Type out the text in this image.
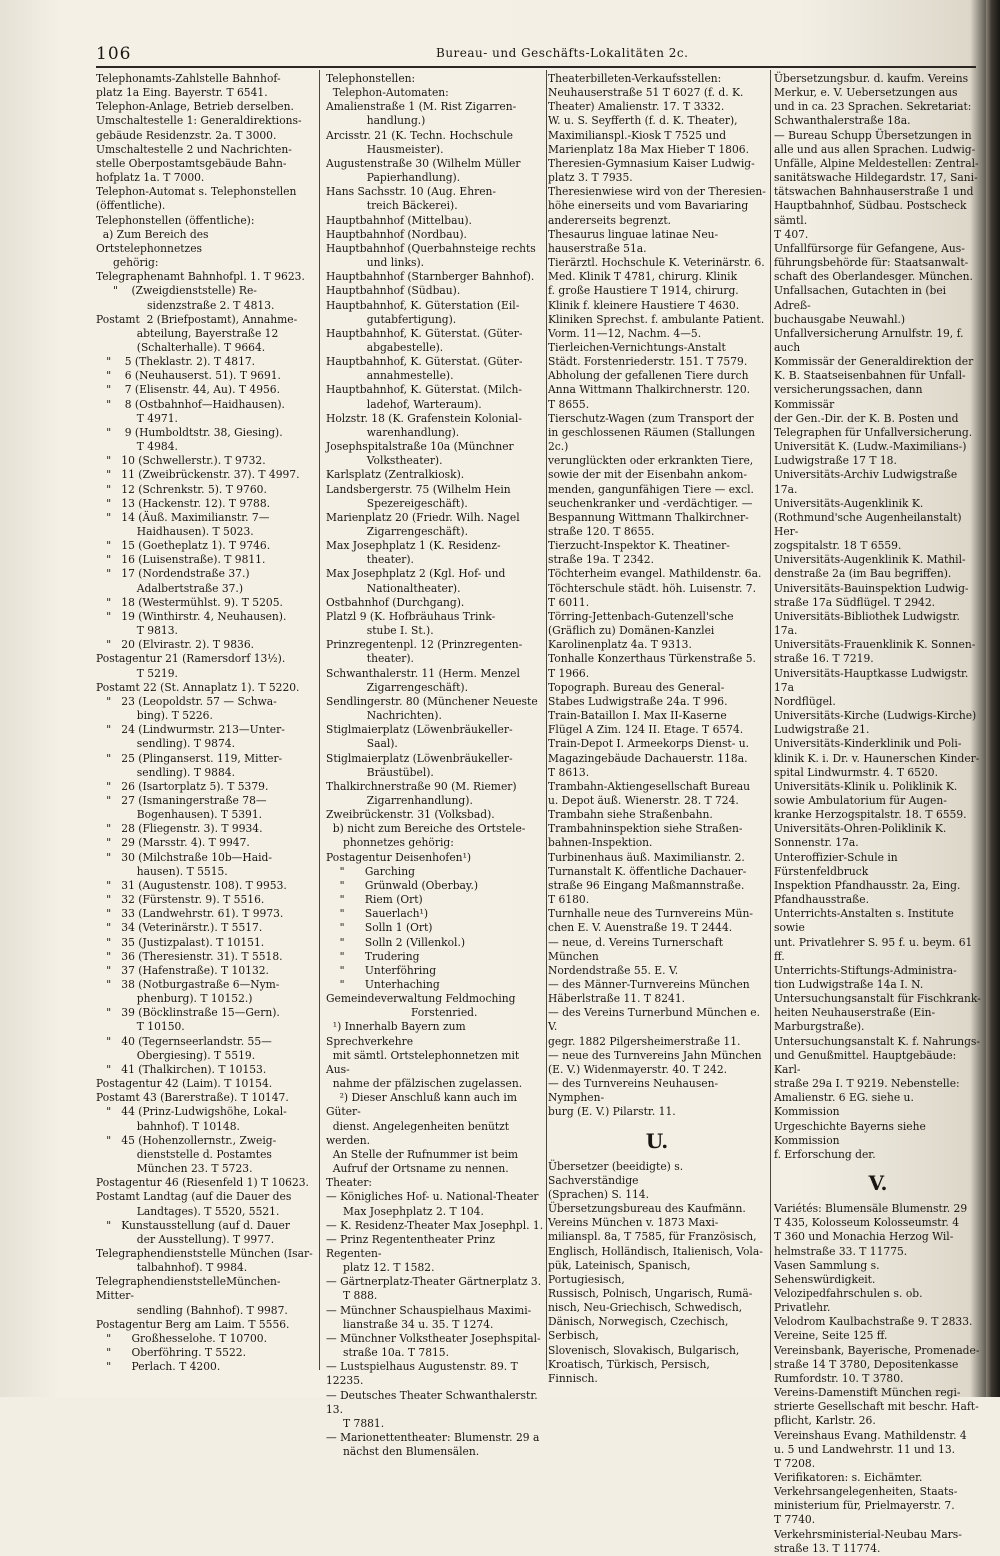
106	Bureau- und Geschäfts-Lokalitäten 2c.
Telephonamts-Zahlstelle Bahnhof-
platz 1a Eing. Bayerstr. T 6541.
Telephon-Anlage, Betrieb derselben.
Umschaltestelle 1: Generaldirektions-
gebäude Residenzstr. 2a. T 3000.
Umschaltestelle 2 und Nachrichten-
stelle Oberpostamtsgebäude Bahn-
hofplatz 1a. T 7000.
Telephon-Automat s. Telephonstellen
(öffentliche).
Telephonstellen (öffentliche):
a) Zum Bereich des Ortstelephonnetzes
gehörig:
Telegraphenamt Bahnhofpl. 1. T 9623.
"    (Zweigdienststelle) Re-
sidenzstraße 2. T 4813.
Postamt  2 (Briefpostamt), Annahme-
abteilung, Bayerstraße 12
(Schalterhalle). T 9664.
"    5 (Theklastr. 2). T 4817.
"    6 (Neuhauserst. 51). T 9691.
"    7 (Elisenstr. 44, Au). T 4956.
"    8 (Ostbahnhof—Haidhausen).
T 4971.
"    9 (Humboldtstr. 38, Giesing).
T 4984.
"   10 (Schwellerstr.). T 9732.
"   11 (Zweibrückenstr. 37). T 4997.
"   12 (Schrenkstr. 5). T 9760.
"   13 (Hackenstr. 12). T 9788.
"   14 (Äuß. Maximilianstr. 7—
Haidhausen). T 5023.
"   15 (Goetheplatz 1). T 9746.
"   16 (Luisenstraße). T 9811.
"   17 (Nordendstraße 37.)
Adalbertstraße 37.)
"   18 (Westermühlst. 9). T 5205.
"   19 (Winthirstr. 4, Neuhausen).
T 9813.
"   20 (Elvirastr. 2). T 9836.
Postagentur 21 (Ramersdorf 13½).
T 5219.
Postamt 22 (St. Annaplatz 1). T 5220.
"   23 (Leopoldstr. 57 — Schwa-
bing). T 5226.
"   24 (Lindwurmstr. 213—Unter-
sendling). T 9874.
"   25 (Plinganserst. 119, Mitter-
sendling). T 9884.
"   26 (Isartorplatz 5). T 5379.
"   27 (Ismaningerstraße 78—
Bogenhausen). T 5391.
"   28 (Fliegenstr. 3). T 9934.
"   29 (Marsstr. 4). T 9947.
"   30 (Milchstraße 10b—Haid-
hausen). T 5515.
"   31 (Augustenstr. 108). T 9953.
"   32 (Fürstenstr. 9). T 5516.
"   33 (Landwehrstr. 61). T 9973.
"   34 (Veterinärstr.). T 5517.
"   35 (Justizpalast). T 10151.
"   36 (Theresienstr. 31). T 5518.
"   37 (Hafenstraße). T 10132.
"   38 (Notburgastraße 6—Nym-
phenburg). T 10152.)
"   39 (Böcklinstraße 15—Gern).
T 10150.
"   40 (Tegernseerlandstr. 55—
Obergiesing). T 5519.
"   41 (Thalkirchen). T 10153.
Postagentur 42 (Laim). T 10154.
Postamt 43 (Barerstraße). T 10147.
"   44 (Prinz-Ludwigshöhe, Lokal-
bahnhof). T 10148.
"   45 (Hohenzollernstr., Zweig-
dienststelle d. Postamtes
München 23. T 5723.
Postagentur 46 (Riesenfeld 1) T 10623.
Postamt Landtag (auf die Dauer des
Landtages). T 5520, 5521.
"   Kunstausstellung (auf d. Dauer
der Ausstellung). T 9977.
Telegraphendienststelle München (Isar-
talbahnhof). T 9984.
TelegraphendienststelleMünchen-Mitter-
sendling (Bahnhof). T 9987.
Postagentur Berg am Laim. T 5556.
"      Großhesselohe. T 10700.
"      Oberföhring. T 5522.
"      Perlach. T 4200.
Telephonstellen:
Telephon-Automaten:
Amalienstraße 1 (M. Rist Zigarren-
handlung.)
Arcisstr. 21 (K. Techn. Hochschule
Hausmeister).
Augustenstraße 30 (Wilhelm Müller
Papierhandlung).
Hans Sachsstr. 10 (Aug. Ehren-
treich Bäckerei).
Hauptbahnhof (Mittelbau).
Hauptbahnhof (Nordbau).
Hauptbahnhof (Querbahnsteige rechts
und links).
Hauptbahnhof (Starnberger Bahnhof).
Hauptbahnhof (Südbau).
Hauptbahnhof, K. Güterstation (Eil-
gutabfertigung).
Hauptbahnhof, K. Güterstat. (Güter-
abgabestelle).
Hauptbahnhof, K. Güterstat. (Güter-
annahmestelle).
Hauptbahnhof, K. Güterstat. (Milch-
ladehof, Warteraum).
Holzstr. 18 (K. Grafenstein Kolonial-
warenhandlung).
Josephspitalstraße 10a (Münchner
Volkstheater).
Karlsplatz (Zentralkiosk).
Landsbergerstr. 75 (Wilhelm Hein
Spezereigeschäft).
Marienplatz 20 (Friedr. Wilh. Nagel
Zigarrengeschäft).
Max Josephplatz 1 (K. Residenz-
theater).
Max Josephplatz 2 (Kgl. Hof- und
Nationaltheater).
Ostbahnhof (Durchgang).
Platzl 9 (K. Hofbräuhaus Trink-
stube I. St.).
Prinzregentenpl. 12 (Prinzregenten-
theater).
Schwanthalerstr. 11 (Herm. Menzel
Zigarrengeschäft).
Sendlingerstr. 80 (Münchener Neueste
Nachrichten).
Stiglmaierplatz (Löwenbräukeller-
Saal).
Stiglmaierplatz (Löwenbräukeller-
Bräustübel).
Thalkirchnerstraße 90 (M. Riemer)
Zigarrenhandlung).
Zweibrückenstr. 31 (Volksbad).
b) nicht zum Bereiche des Ortstele-
phonnetzes gehörig:
Postagentur Deisenhofen¹)
"      Garching
"      Grünwald (Oberbay.)
"      Riem (Ort)
"      Sauerlach¹)
"      Solln 1 (Ort)
"      Solln 2 (Villenkol.)
"      Trudering
"      Unterföhring
"      Unterhaching
Gemeindeverwaltung Feldmoching
Forstenried.
¹) Innerhalb Bayern zum Sprechverkehre
mit sämtl. Ortstelephonnetzen mit Aus-
nahme der pfälzischen zugelassen.
²) Dieser Anschluß kann auch im Güter-
dienst. Angelegenheiten benützt werden.
An Stelle der Rufnummer ist beim
Aufruf der Ortsname zu nennen.
Theater:
— Königliches Hof- u. National-Theater
Max Josephplatz 2. T 104.
— K. Residenz-Theater Max Josephpl. 1.
— Prinz Regententheater Prinz Regenten-
platz 12. T 1582.
— Gärtnerplatz-Theater Gärtnerplatz 3.
T 888.
— Münchner Schauspielhaus Maximi-
lianstraße 34 u. 35. T 1274.
— Münchner Volkstheater Josephspital-
straße 10a. T 7815.
— Lustspielhaus Augustenstr. 89. T 12235.
— Deutsches Theater Schwanthalerstr. 13.
T 7881.
— Marionettentheater: Blumenstr. 29 a
nächst den Blumensälen.
Theaterbilleten-Verkaufsstellen:
Neuhauserstraße 51 T 6027 (f. d. K.
Theater) Amalienstr. 17. T 3332.
W. u. S. Seyfferth (f. d. K. Theater),
Maximilianspl.-Kiosk T 7525 und
Marienplatz 18a Max Hieber T 1806.
Theresien-Gymnasium Kaiser Ludwig-
platz 3. T 7935.
Theresienwiese wird von der Theresien-
höhe einerseits und vom Bavariaring
andererseits begrenzt.
Thesaurus linguae latinae Neu-
hauserstraße 51a.
Tierärztl. Hochschule K. Veterinärstr. 6.
Med. Klinik T 4781, chirurg. Klinik
f. große Haustiere T 1914, chirurg.
Klinik f. kleinere Haustiere T 4630.
Kliniken Sprechst. f. ambulante Patient.
Vorm. 11—12, Nachm. 4—5.
Tierleichen-Vernichtungs-Anstalt
Städt. Forstenriederstr. 151. T 7579.
Abholung der gefallenen Tiere durch
Anna Wittmann Thalkirchnerstr. 120.
T 8655.
Tierschutz-Wagen (zum Transport der
in geschlossenen Räumen (Stallungen 2c.)
verunglückten oder erkrankten Tiere,
sowie der mit der Eisenbahn ankom-
menden, gangunfähigen Tiere — excl.
seuchenkranker und -verdächtiger. —
Bespannung Wittmann Thalkirchner-
straße 120. T 8655.
Tierzucht-Inspektor K. Theatiner-
straße 19a. T 2342.
Töchterheim evangel. Mathildenstr. 6a.
Töchterschule städt. höh. Luisenstr. 7.
T 6011.
Törring-Jettenbach-Gutenzell'sche
(Gräflich zu) Domänen-Kanzlei
Karolinenplatz 4a. T 9313.
Tonhalle Konzerthaus Türkenstraße 5.
T 1966.
Topograph. Bureau des General-
Stabes Ludwigstraße 24a. T 996.
Train-Bataillon I. Max II-Kaserne
Flügel A Zim. 124 II. Etage. T 6574.
Train-Depot I. Armeekorps Dienst- u.
Magazingebäude Dachauerstr. 118a.
T 8613.
Trambahn-Aktiengesellschaft Bureau
u. Depot äuß. Wienerstr. 28. T 724.
Trambahn siehe Straßenbahn.
Trambahninspektion siehe Straßen-
bahnen-Inspektion.
Turbinenhaus äuß. Maximilianstr. 2.
Turnanstalt K. öffentliche Dachauer-
straße 96 Eingang Maßmannstraße.
T 6180.
Turnhalle neue des Turnvereins Mün-
chen E. V. Auenstraße 19. T 2444.
— neue, d. Vereins Turnerschaft München
Nordendstraße 55. E. V.
— des Männer-Turnvereins München
Häberlstraße 11. T 8241.
— des Vereins Turnerbund München e. V.
gegr. 1882 Pilgersheimerstraße 11.
— neue des Turnvereins Jahn München
(E. V.) Widenmayerstr. 40. T 242.
— des Turnvereins Neuhausen-Nymphen-
burg (E. V.) Pilarstr. 11.
U.
Übersetzer (beeidigte) s. Sachverständige
(Sprachen) S. 114.
Übersetzungsbureau des Kaufmänn.
Vereins München v. 1873 Maxi-
milianspl. 8a, T 7585, für Französisch,
Englisch, Holländisch, Italienisch, Vola-
pük, Lateinisch, Spanisch, Portugiesisch,
Russisch, Polnisch, Ungarisch, Rumä-
nisch, Neu-Griechisch, Schwedisch,
Dänisch, Norwegisch, Czechisch, Serbisch,
Slovenisch, Slovakisch, Bulgarisch,
Kroatisch, Türkisch, Persisch,
Finnisch.
Übersetzungsbur. d. kaufm. Vereins
Merkur, e. V. Uebersetzungen aus
und in ca. 23 Sprachen. Sekretariat:
Schwanthalerstraße 18a.
— Bureau Schupp Übersetzungen in
alle und aus allen Sprachen. Ludwig-
Unfälle, Alpine Meldestellen: Zentral-
sanitätswache Hildegardstr. 17, Sani-
tätswachen Bahnhauserstraße 1 und
Hauptbahnhof, Südbau. Postscheck sämtl.
T 407.
Unfallfürsorge für Gefangene, Aus-
führungsbehörde für: Staatsanwalt-
schaft des Oberlandesger. München.
Unfallsachen, Gutachten in (bei Adreß-
buchausgabe Neuwahl.)
Unfallversicherung Arnulfstr. 19, f. auch
Kommissär der Generaldirektion der
K. B. Staatseisenbahnen für Unfall-
versicherungssachen, dann Kommissär
der Gen.-Dir. der K. B. Posten und
Telegraphen für Unfallversicherung.
Universität K. (Ludw.-Maximilians-)
Ludwigstraße 17 T 18.
Universitäts-Archiv Ludwigstraße 17a.
Universitäts-Augenklinik K.
(Rothmund'sche Augenheilanstalt) Her-
zogspitalstr. 18 T 6559.
Universitäts-Augenklinik K. Mathil-
denstraße 2a (im Bau begriffen).
Universitäts-Bauinspektion Ludwig-
straße 17a Südflügel. T 2942.
Universitäts-Bibliothek Ludwigstr. 17a.
Universitäts-Frauenklinik K. Sonnen-
straße 16. T 7219.
Universitäts-Hauptkasse Ludwigstr. 17a
Nordflügel.
Universitäts-Kirche (Ludwigs-Kirche)
Ludwigstraße 21.
Universitäts-Kinderklinik und Poli-
klinik K. i. Dr. v. Haunerschen Kinder-
spital Lindwurmstr. 4. T 6520.
Universitäts-Klinik u. Poliklinik K.
sowie Ambulatorium für Augen-
kranke Herzogspitalstr. 18. T 6559.
Universitäts-Ohren-Poliklinik K.
Sonnenstr. 17a.
Unteroffizier-Schule in Fürstenfeldbruck
Inspektion Pfandhausstr. 2a, Eing.
Pfandhausstraße.
Unterrichts-Anstalten s. Institute sowie
unt. Privatlehrer S. 95 f. u. beym. 61 ff.
Unterrichts-Stiftungs-Administra-
tion Ludwigstraße 14a I. N.
Untersuchungsanstalt für Fischkrank-
heiten Neuhauserstraße (Ein-
Marburgstraße).
Untersuchungsanstalt K. f. Nahrungs-
und Genußmittel. Hauptgebäude: Karl-
straße 29a I. T 9219. Nebenstelle:
Amalienstr. 6 EG. siehe u. Kommission
Urgeschichte Bayerns siehe Kommission
f. Erforschung der.
V.
Variétés: Blumensäle Blumenstr. 29
T 435, Kolosseum Kolosseumstr. 4
T 360 und Monachia Herzog Wil-
helmstraße 33. T 11775.
Vasen Sammlung s. Sehenswürdigkeit.
Velozipedfahrschulen s. ob. Privatlehr.
Velodrom Kaulbachstraße 9. T 2833.
Vereine, Seite 125 ff.
Vereinsbank, Bayerische, Promenade-
straße 14 T 3780, Depositenkasse
Rumfordstr. 10. T 3780.
Vereins-Damenstift München regi-
strierte Gesellschaft mit beschr. Haft-
pflicht, Karlstr. 26.
Vereinshaus Evang. Mathildenstr. 4
u. 5 und Landwehrstr. 11 und 13.
T 7208.
Verifikatoren: s. Eichämter.
Verkehrsangelegenheiten, Staats-
ministerium für, Prielmayerstr. 7.
T 7740.
Verkehrsministerial-Neubau Mars-
straße 13. T 11774.
